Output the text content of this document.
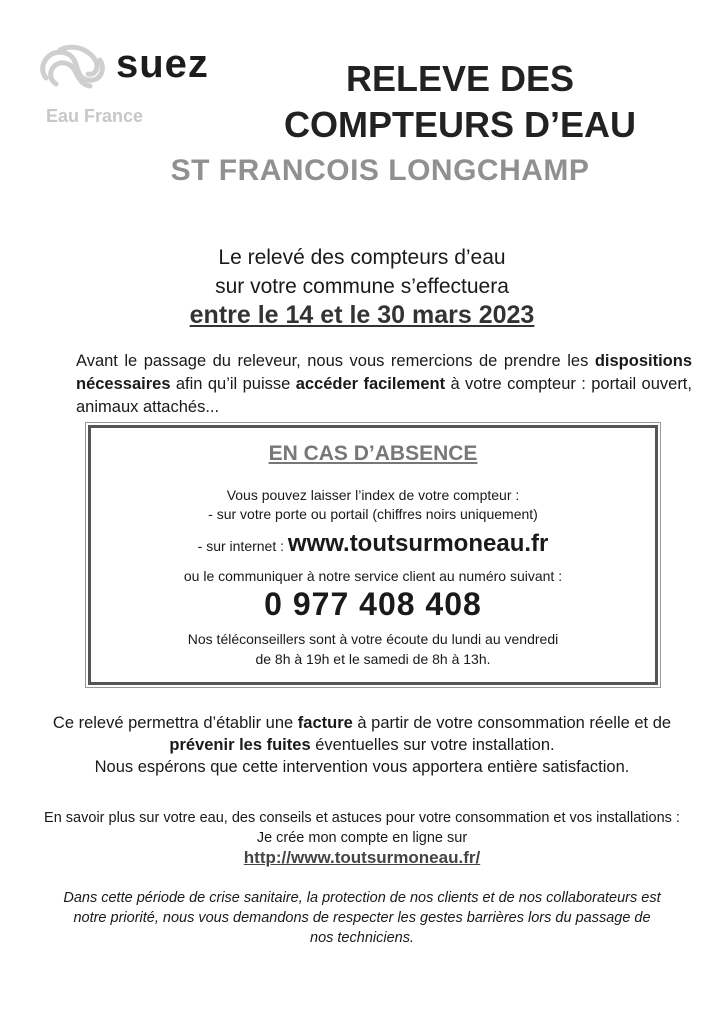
suez
Eau France
RELEVE DES
COMPTEURS D’EAU
ST FRANCOIS LONGCHAMP
Le relevé des compteurs d’eau
sur votre commune s’effectuera
entre le 14 et le 30 mars 2023
Avant le passage du releveur, nous vous remercions de prendre les dispositions nécessaires afin qu’il puisse accéder facilement à votre compteur : portail ouvert, animaux attachés...
EN CAS D’ABSENCE
Vous pouvez laisser l’index de votre compteur :
- sur votre porte ou portail (chiffres noirs uniquement)
- sur internet : www.toutsurmoneau.fr
ou le communiquer à notre service client au numéro suivant :
0 977 408 408
Nos téléconseillers sont à votre écoute du lundi au vendredi
de 8h à 19h et le samedi de 8h à 13h.
Ce relevé permettra d’établir une facture à partir de votre consommation réelle et de prévenir les fuites éventuelles sur votre installation.
Nous espérons que cette intervention vous apportera entière satisfaction.
En savoir plus sur votre eau, des conseils et astuces pour votre consommation et vos installations : Je crée mon compte en ligne sur
http://www.toutsurmoneau.fr/
Dans cette période de crise sanitaire, la protection de nos clients et de nos collaborateurs est notre priorité, nous vous demandons de respecter les gestes barrières lors du passage de nos techniciens.
